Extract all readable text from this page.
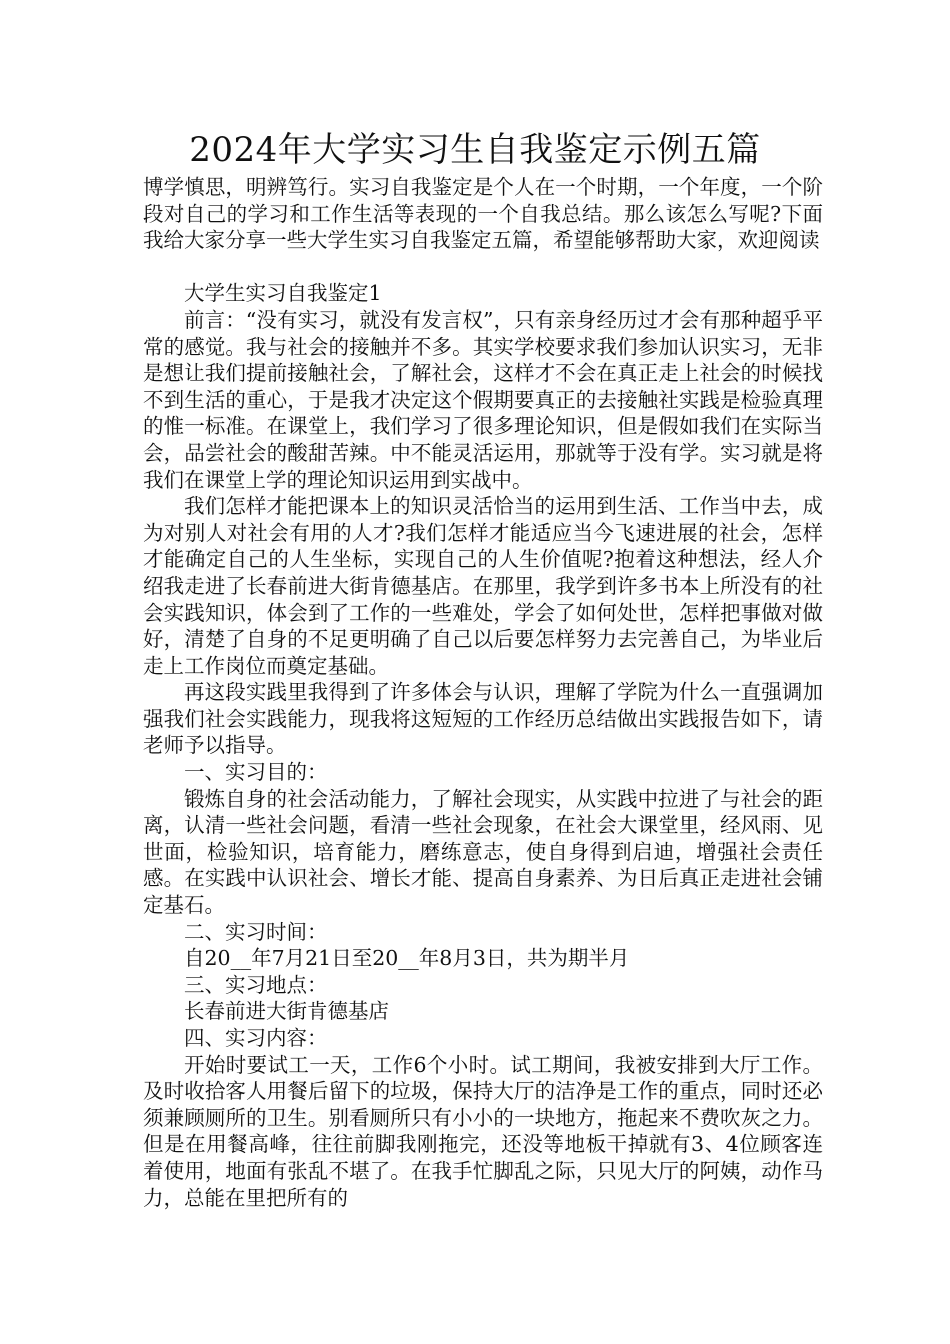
2024年大学实习生自我鉴定示例五篇

博学慎思，明辨笃行。实习自我鉴定是个人在一个时期，一个年度，一个阶段对自己的学习和工作生活等表现的一个自我总结。那么该怎么写呢?下面我给大家分享一些大学生实习自我鉴定五篇，希望能够帮助大家，欢迎阅读

大学生实习自我鉴定1

前言：“没有实习，就没有发言权”，只有亲身经历过才会有那种超乎平常的感觉。我与社会的接触并不多。其实学校要求我们参加认识实习，无非是想让我们提前接触社会，了解社会，这样才不会在真正走上社会的时候找不到生活的重心，于是我才决定这个假期要真正的去接触社实践是检验真理的惟一标准。在课堂上，我们学习了很多理论知识，但是假如我们在实际当会，品尝社会的酸甜苦辣。中不能灵活运用，那就等于没有学。实习就是将我们在课堂上学的理论知识运用到实战中。

我们怎样才能把课本上的知识灵活恰当的运用到生活、工作当中去，成为对别人对社会有用的人才?我们怎样才能适应当今飞速进展的社会，怎样才能确定自己的人生坐标，实现自己的人生价值呢?抱着这种想法，经人介绍我走进了长春前进大街肯德基店。在那里，我学到许多书本上所没有的社会实践知识，体会到了工作的一些难处，学会了如何处世，怎样把事做对做好，清楚了自身的不足更明确了自己以后要怎样努力去完善自己，为毕业后走上工作岗位而奠定基础。

再这段实践里我得到了许多体会与认识，理解了学院为什么一直强调加强我们社会实践能力，现我将这短短的工作经历总结做出实践报告如下，请老师予以指导。

一、实习目的：

锻炼自身的社会活动能力，了解社会现实，从实践中拉进了与社会的距离，认清一些社会问题，看清一些社会现象，在社会大课堂里，经风雨、见世面，检验知识，培育能力，磨练意志，使自身得到启迪，增强社会责任感。在实践中认识社会、增长才能、提高自身素养、为日后真正走进社会铺定基石。

二、实习时间：

自20__年7月21日至20__年8月3日，共为期半月

三、实习地点：

长春前进大街肯德基店

四、实习内容：

开始时要试工一天，工作6个小时。试工期间，我被安排到大厅工作。及时收拾客人用餐后留下的垃圾，保持大厅的洁净是工作的重点，同时还必须兼顾厕所的卫生。别看厕所只有小小的一块地方，拖起来不费吹灰之力。但是在用餐高峰，往往前脚我刚拖完，还没等地板干掉就有3、4位顾客连着使用，地面有张乱不堪了。在我手忙脚乱之际，只见大厅的阿姨，动作马力，总能在里把所有的
